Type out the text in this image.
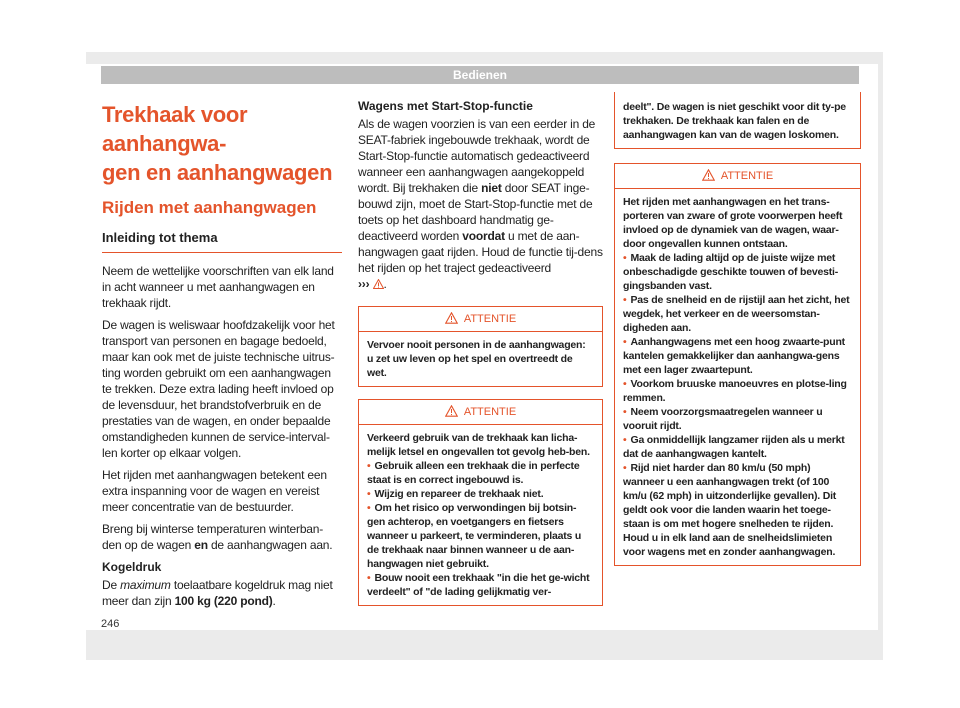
Bedienen
Trekhaak voor aanhangwa-
gen en aanhangwagen
Rijden met aanhangwagen
Inleiding tot thema

Neem de wettelijke voorschriften van elk land in acht wanneer u met aanhangwagen en trekhaak rijdt.

De wagen is weliswaar hoofdzakelijk voor het transport van personen en bagage bedoeld, maar kan ook met de juiste technische uitrus-ting worden gebruikt om een aanhangwagen te trekken. Deze extra lading heeft invloed op de levensduur, het brandstofverbruik en de prestaties van de wagen, en onder bepaalde omstandigheden kunnen de service-interval-len korter op elkaar volgen.

Het rijden met aanhangwagen betekent een extra inspanning voor de wagen en vereist meer concentratie van de bestuurder.

Breng bij winterse temperaturen winterban-den op de wagen en de aanhangwagen aan.

Kogeldruk

De maximum toelaatbare kogeldruk mag niet meer dan zijn 100 kg (220 pond).

Wagens met Start-Stop-functie

Als de wagen voorzien is van een eerder in de SEAT-fabriek ingebouwde trekhaak, wordt de Start-Stop-functie automatisch gedeactiveerd wanneer een aanhangwagen aangekoppeld wordt. Bij trekhaken die niet door SEAT inge-bouwd zijn, moet de Start-Stop-functie met de toets op het dashboard handmatig ge-deactiveerd worden voordat u met de aan-hangwagen gaat rijden. Houd de functie tij-dens het rijden op het traject gedeactiveerd
››› .

ATTENTIE
Vervoer nooit personen in de aanhangwagen: u zet uw leven op het spel en overtreedt de wet.
ATTENTIE
Verkeerd gebruik van de trekhaak kan licha-melijk letsel en ongevallen tot gevolg heb-ben.
• Gebruik alleen een trekhaak die in perfecte staat is en correct ingebouwd is.
• Wijzig en repareer de trekhaak niet.
• Om het risico op verwondingen bij botsin-gen achterop, en voetgangers en fietsers wanneer u parkeert, te verminderen, plaats u de trekhaak naar binnen wanneer u de aan-hangwagen niet gebruikt.
• Bouw nooit een trekhaak "in die het ge-wicht verdeelt" of "de lading gelijkmatig ver-
deelt". De wagen is niet geschikt voor dit ty-pe trekhaken. De trekhaak kan falen en de aanhangwagen kan van de wagen loskomen.
ATTENTIE
Het rijden met aanhangwagen en het trans-porteren van zware of grote voorwerpen heeft invloed op de dynamiek van de wagen, waar-door ongevallen kunnen ontstaan.
• Maak de lading altijd op de juiste wijze met onbeschadigde geschikte touwen of bevesti-gingsbanden vast.
• Pas de snelheid en de rijstijl aan het zicht, het wegdek, het verkeer en de weersomstan-digheden aan.
• Aanhangwagens met een hoog zwaarte-punt kantelen gemakkelijker dan aanhangwa-gens met een lager zwaartepunt.
• Voorkom bruuske manoeuvres en plotse-ling remmen.
• Neem voorzorgsmaatregelen wanneer u vooruit rijdt.
• Ga onmiddellijk langzamer rijden als u merkt dat de aanhangwagen kantelt.
• Rijd niet harder dan 80 km/u (50 mph) wanneer u een aanhangwagen trekt (of 100 km/u (62 mph) in uitzonderlijke gevallen). Dit geldt ook voor die landen waarin het toege-staan is om met hogere snelheden te rijden. Houd u in elk land aan de snelheidslimieten voor wagens met en zonder aanhangwagen.
246
